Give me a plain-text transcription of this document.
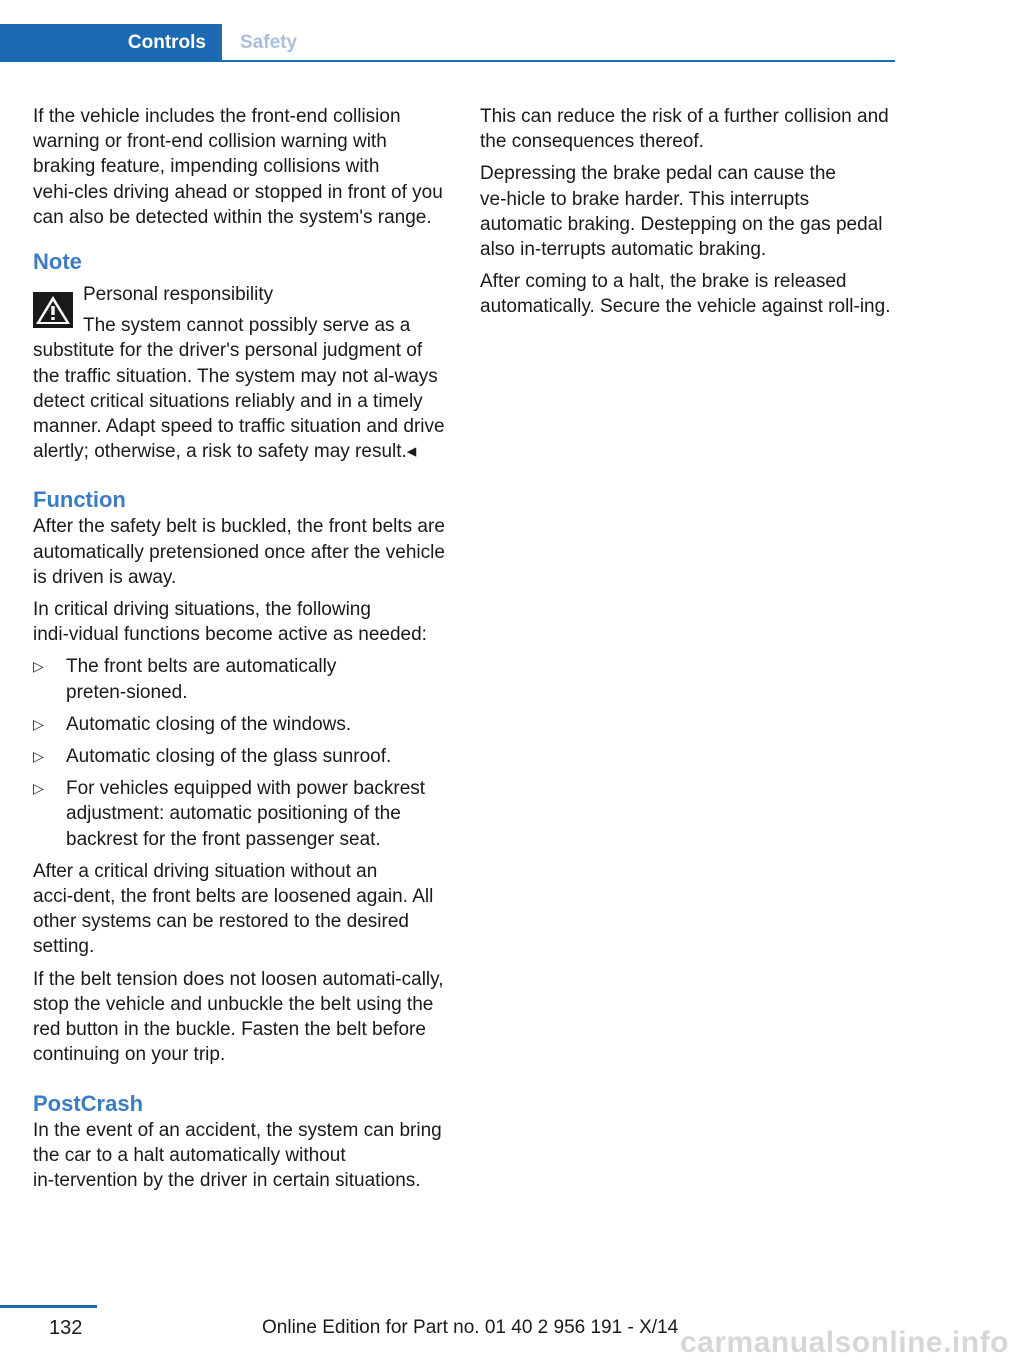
Controls	Safety

If the vehicle includes the front-end collision warning or front-end collision warning with braking feature, impending collisions with vehi‑cles driving ahead or stopped in front of you can also be detected within the system's range.

Note

Personal responsibility

The system cannot possibly serve as a substitute for the driver's personal judgment of the traffic situation. The system may not al‑ways detect critical situations reliably and in a timely manner. Adapt speed to traffic situation and drive alertly; otherwise, a risk to safety may result.◂

Function

After the safety belt is buckled, the front belts are automatically pretensioned once after the vehicle is driven is away.

In critical driving situations, the following indi‑vidual functions become active as needed:

▷ The front belts are automatically preten‑sioned.
▷ Automatic closing of the windows.
▷ Automatic closing of the glass sunroof.
▷ For vehicles equipped with power backrest adjustment: automatic positioning of the backrest for the front passenger seat.

After a critical driving situation without an acci‑dent, the front belts are loosened again. All other systems can be restored to the desired setting.

If the belt tension does not loosen automati‑cally, stop the vehicle and unbuckle the belt using the red button in the buckle. Fasten the belt before continuing on your trip.

PostCrash

In the event of an accident, the system can bring the car to a halt automatically without in‑tervention by the driver in certain situations.

This can reduce the risk of a further collision and the consequences thereof.

Depressing the brake pedal can cause the ve‑hicle to brake harder. This interrupts automatic braking. Destepping on the gas pedal also in‑terrupts automatic braking.

After coming to a halt, the brake is released automatically. Secure the vehicle against roll‑ing.

132	Online Edition for Part no. 01 40 2 956 191 - X/14 carmanualsonline.info
